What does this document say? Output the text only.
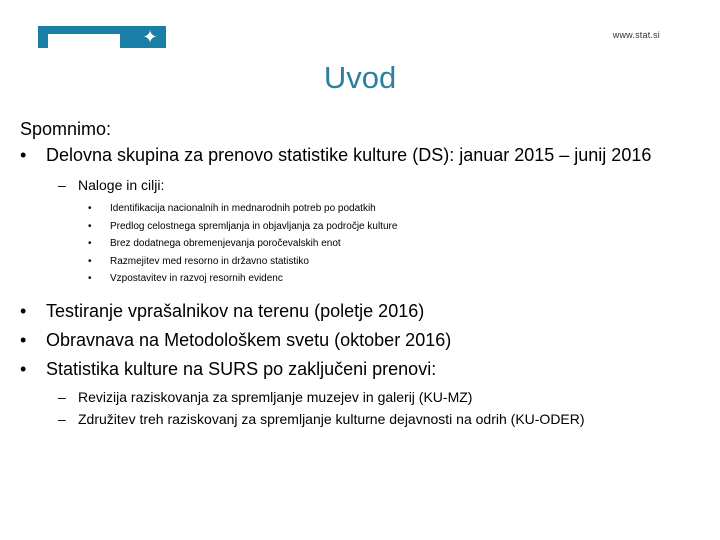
✦	www.stat.si
Uvod

Spomnimo:

•	Delovna skupina za prenovo statistike kulture (DS): januar 2015 – junij 2016

– Naloge in cilji:

• Identifikacija nacionalnih in mednarodnih potreb po podatkih

• Predlog celostnega spremljanja in objavljanja za področje kulture

• Brez dodatnega obremenjevanja poročevalskih enot

• Razmejitev med resorno in državno statistiko

• Vzpostavitev in razvoj resornih evidenc

•	Testiranje vprašalnikov na terenu (poletje 2016)

•	Obravnava na Metodološkem svetu (oktober 2016)

•	Statistika kulture na SURS po zaključeni prenovi:

– Revizija raziskovanja za spremljanje muzejev in galerij (KU-MZ)

– Združitev treh raziskovanj za spremljanje kulturne dejavnosti na odrih (KU-ODER)
